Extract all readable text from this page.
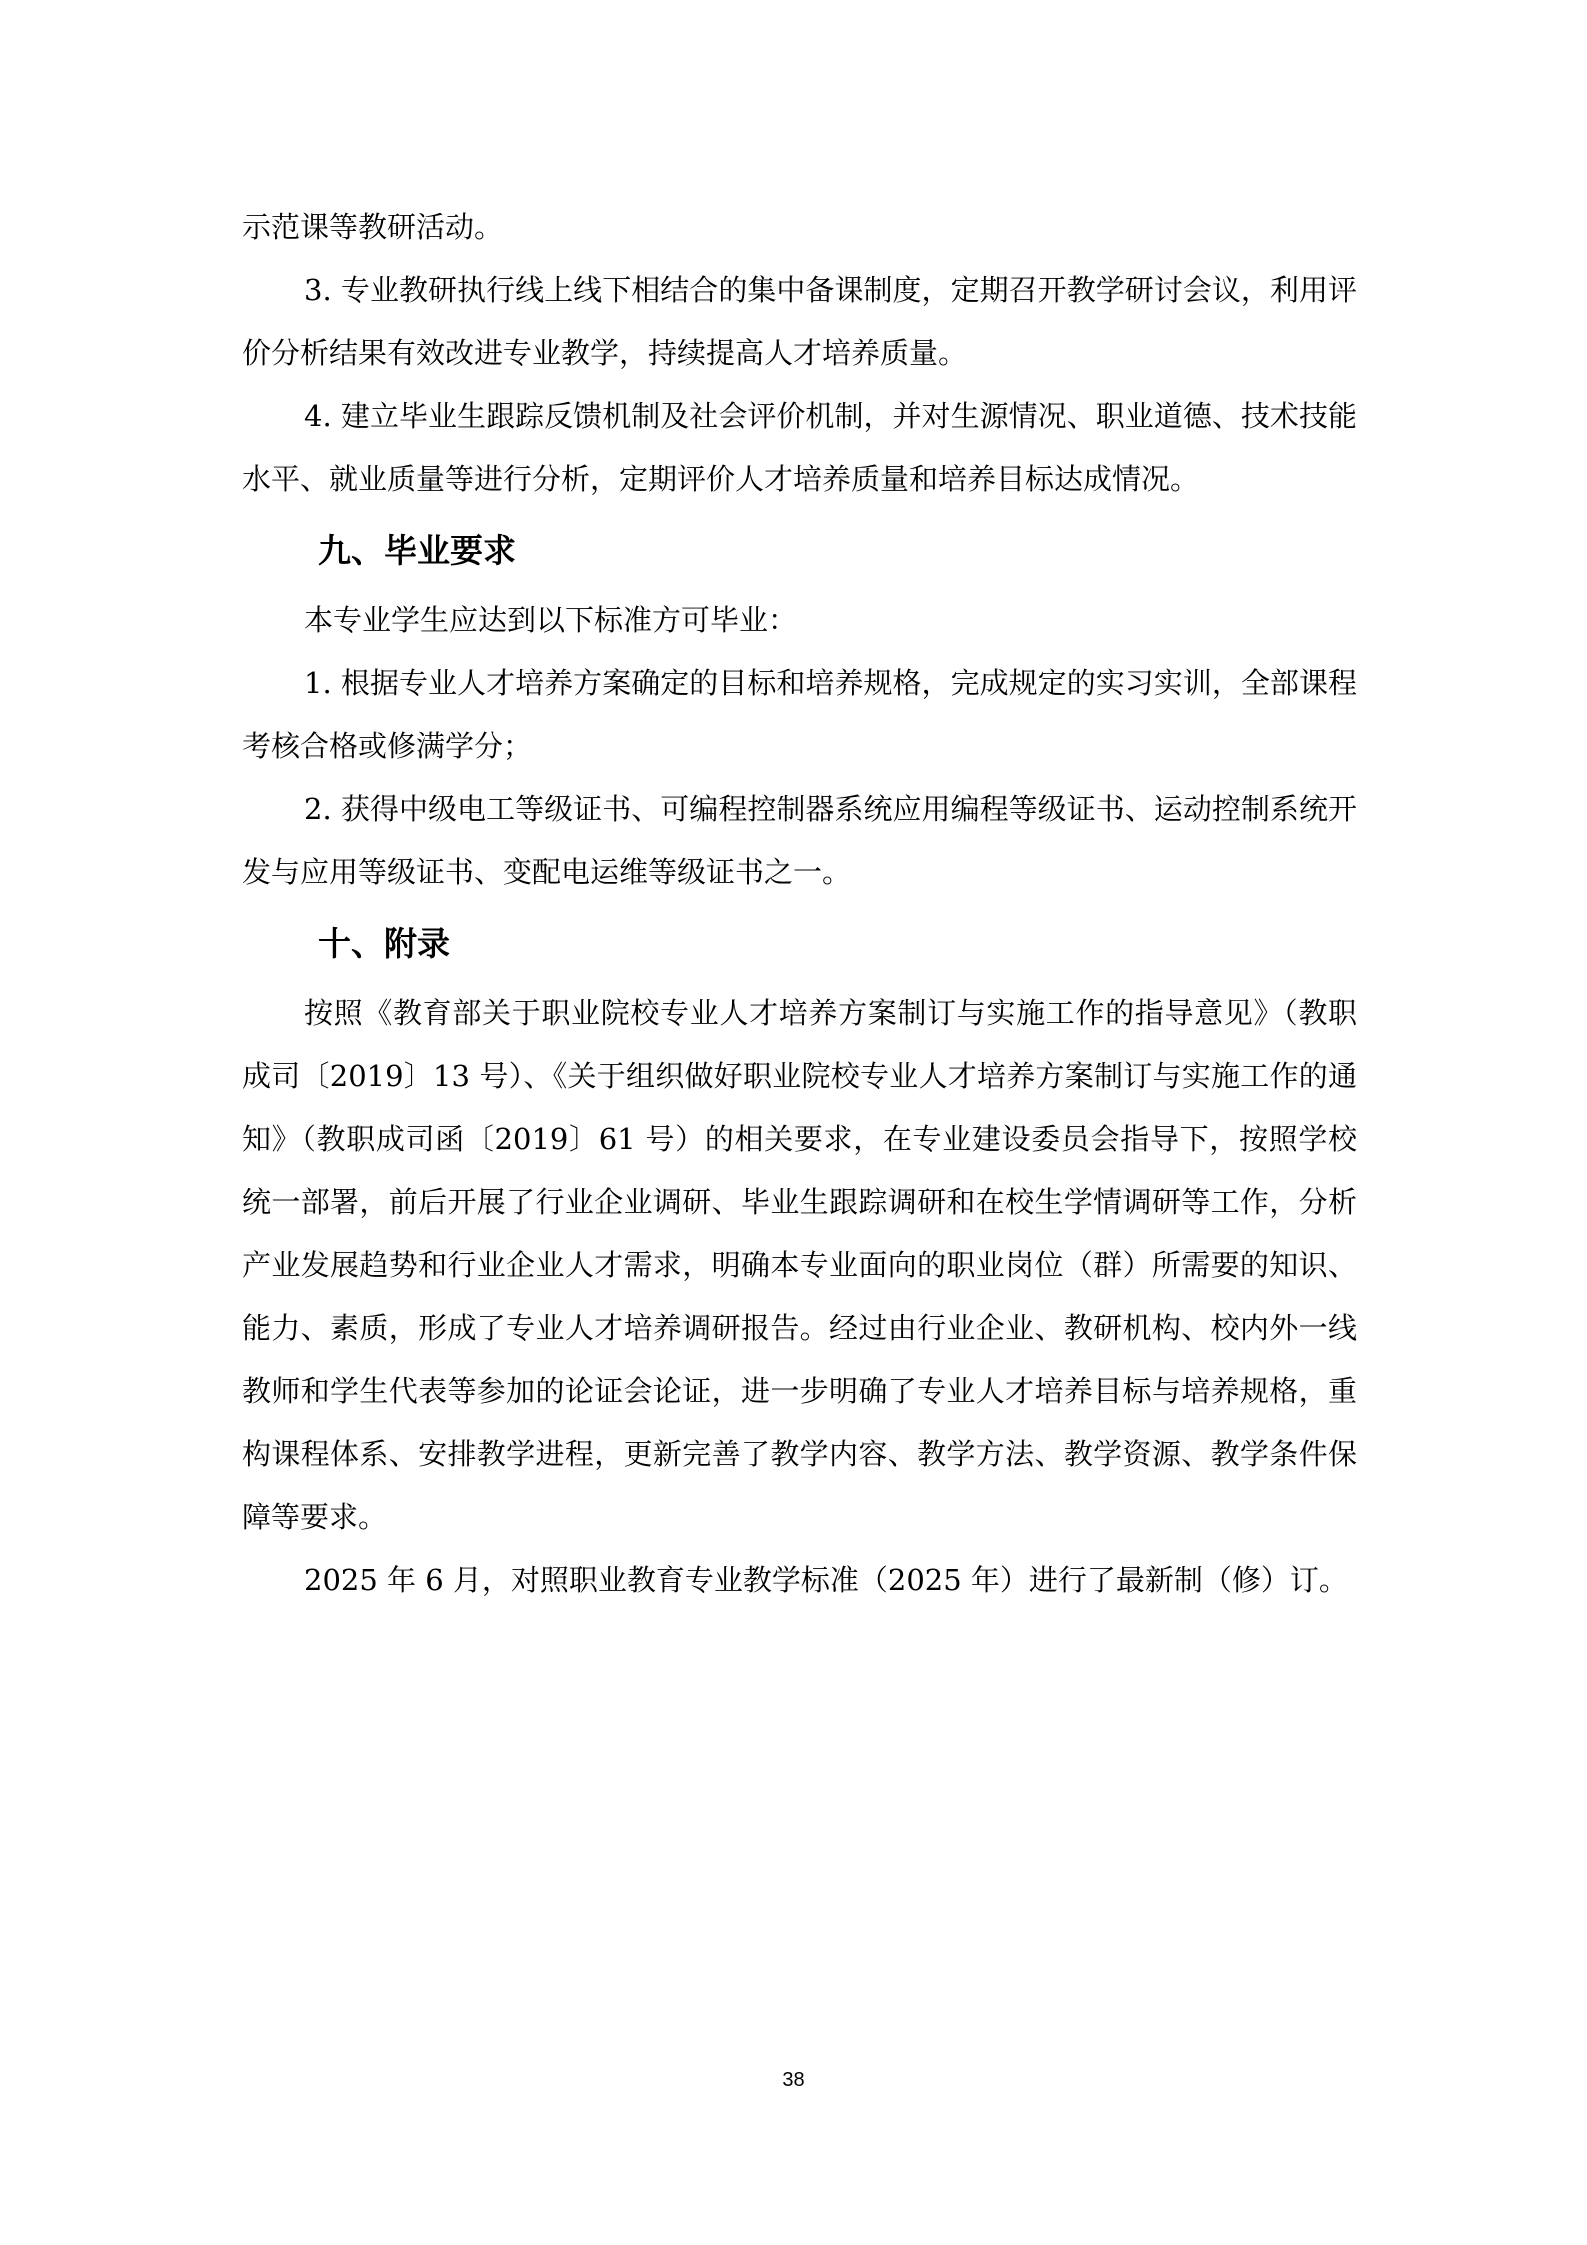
示范课等教研活动。

3. 专业教研执行线上线下相结合的集中备课制度，定期召开教学研讨会议，利用评价分析结果有效改进专业教学，持续提高人才培养质量。

4. 建立毕业生跟踪反馈机制及社会评价机制，并对生源情况、职业道德、技术技能水平、就业质量等进行分析，定期评价人才培养质量和培养目标达成情况。

九、毕业要求

本专业学生应达到以下标准方可毕业：

1. 根据专业人才培养方案确定的目标和培养规格，完成规定的实习实训，全部课程考核合格或修满学分；

2. 获得中级电工等级证书、可编程控制器系统应用编程等级证书、运动控制系统开发与应用等级证书、变配电运维等级证书之一。

十、附录

按照《教育部关于职业院校专业人才培养方案制订与实施工作的指导意见》（教职成司〔2019〕13 号）、《关于组织做好职业院校专业人才培养方案制订与实施工作的通知》（教职成司函〔2019〕61 号）的相关要求，在专业建设委员会指导下，按照学校统一部署，前后开展了行业企业调研、毕业生跟踪调研和在校生学情调研等工作，分析产业发展趋势和行业企业人才需求，明确本专业面向的职业岗位（群）所需要的知识、能力、素质，形成了专业人才培养调研报告。经过由行业企业、教研机构、校内外一线教师和学生代表等参加的论证会论证，进一步明确了专业人才培养目标与培养规格，重构课程体系、安排教学进程，更新完善了教学内容、教学方法、教学资源、教学条件保障等要求。

2025 年 6 月，对照职业教育专业教学标准（2025 年）进行了最新制（修）订。

38
